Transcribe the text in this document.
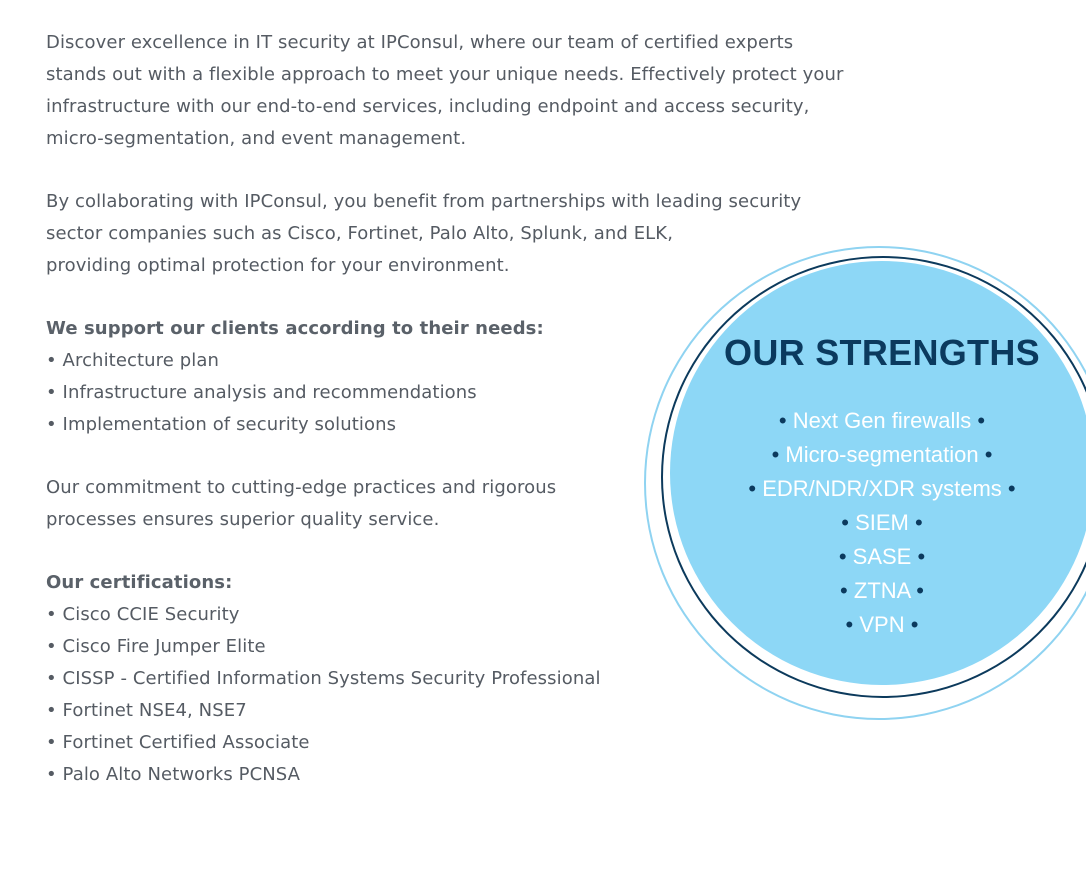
Discover excellence in IT security at IPConsul, where our team of certified experts
stands out with a flexible approach to meet your unique needs. Effectively protect your
infrastructure with our end-to-end services, including endpoint and access security,
micro-segmentation, and event management.

By collaborating with IPConsul, you benefit from partnerships with leading security
sector companies such as Cisco, Fortinet, Palo Alto, Splunk, and ELK,
providing optimal protection for your environment.

We support our clients according to their needs:

• Architecture plan
• Infrastructure analysis and recommendations
• Implementation of security solutions

Our commitment to cutting-edge practices and rigorous
processes ensures superior quality service.

Our certifications:

• Cisco CCIE Security
• Cisco Fire Jumper Elite
• CISSP - Certified Information Systems Security Professional
• Fortinet NSE4, NSE7
• Fortinet Certified Associate
• Palo Alto Networks PCNSA
OUR STRENGTHS
• Next Gen firewalls •
• Micro-segmentation •
• EDR/NDR/XDR systems •
• SIEM •
• SASE •
• ZTNA •
• VPN •
